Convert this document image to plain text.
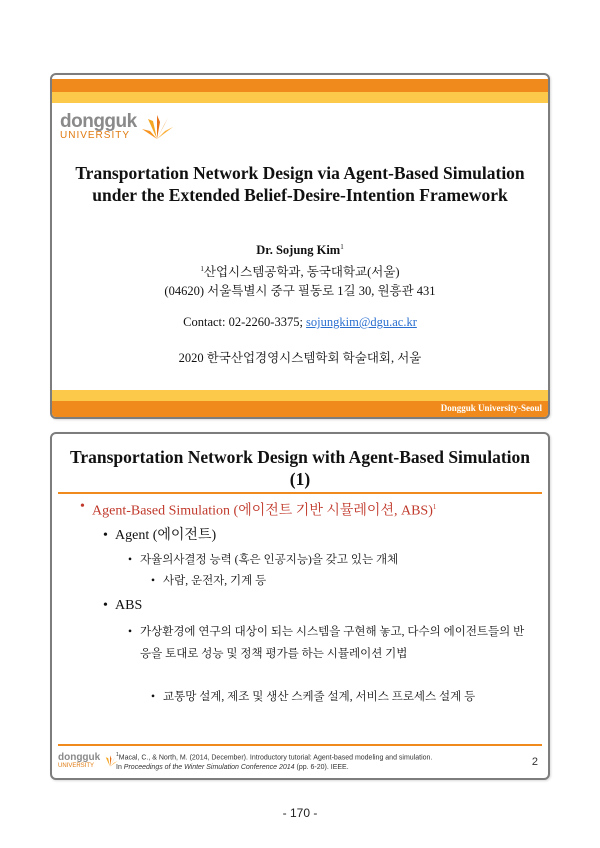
dongguk
UNIVERSITY
Transportation Network Design via Agent-Based Simulation under the Extended Belief-Desire-Intention Framework
Dr. Sojung Kim$^1$
$^1$산업시스템공학과, 동국대학교(서울)
(04620) 서울특별시 중구 필동로 1길 30, 원흥관 431
Contact: 02-2260-3375; sojungkim@dgu.ac.kr
2020 한국산업경영시스템학회 학술대회, 서울
Dongguk University-Seoul
Transportation Network Design with Agent-Based Simulation (1)
• Agent-Based Simulation (에이전트 기반 시뮬레이션, ABS)$^1$
• Agent (에이전트)
• 자율의사결정 능력 (혹은 인공지능)을 갖고 있는 개체
• 사람, 운전자, 기계 등
• ABS
• 가상환경에 연구의 대상이 되는 시스템을 구현해 놓고, 다수의 에이전트들의 반응을 토대로 성능 및 정책 평가를 하는 시뮬레이션 기법
• 교통망 설계, 제조 및 생산 스케줄 설계, 서비스 프로세스 설계 등
dongguk
UNIVERSITY
$^1$Macal, C., & North, M. (2014, December). Introductory tutorial: Agent-based modeling and simulation.
In Proceedings of the Winter Simulation Conference 2014 (pp. 6-20). IEEE.	2
- 170 -
